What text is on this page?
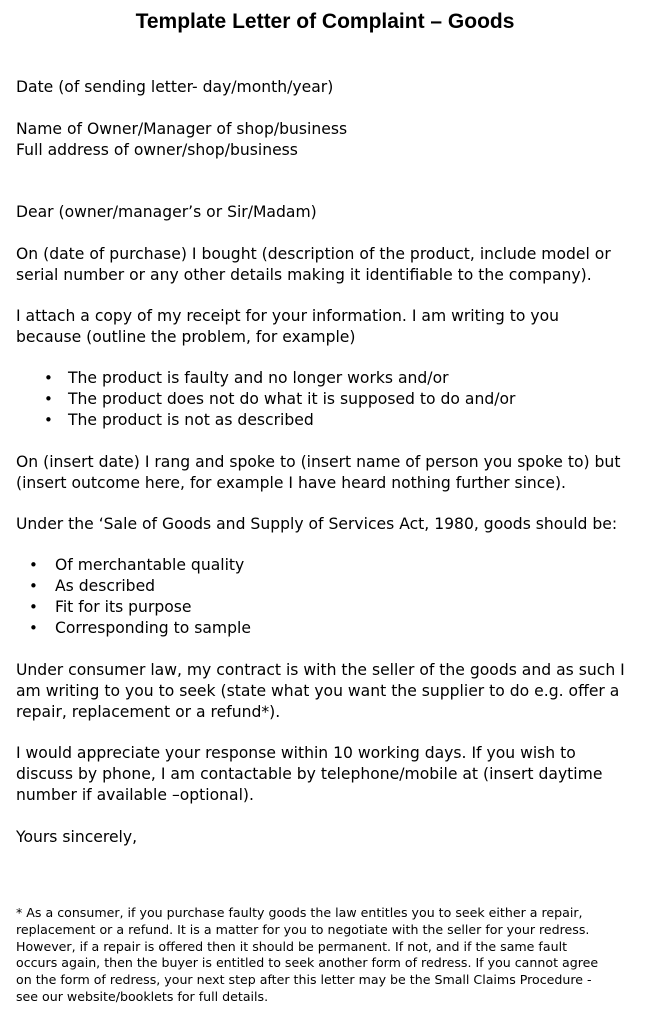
Template Letter of Complaint – Goods

Date (of sending letter- day/month/year)

Name of Owner/Manager of shop/business
Full address of owner/shop/business

Dear (owner/manager’s or Sir/Madam)

On (date of purchase) I bought (description of the product, include model or
serial number or any other details making it identifiable to the company).

I attach a copy of my receipt for your information. I am writing to you
because (outline the problem, for example)

• The product is faulty and no longer works and/or
• The product does not do what it is supposed to do and/or
• The product is not as described

On (insert date) I rang and spoke to (insert name of person you spoke to) but
(insert outcome here, for example I have heard nothing further since).

Under the ‘Sale of Goods and Supply of Services Act, 1980, goods should be:

• Of merchantable quality
• As described
• Fit for its purpose
• Corresponding to sample

Under consumer law, my contract is with the seller of the goods and as such I
am writing to you to seek (state what you want the supplier to do e.g. offer a
repair, replacement or a refund*).

I would appreciate your response within 10 working days. If you wish to
discuss by phone, I am contactable by telephone/mobile at (insert daytime
number if available –optional).

Yours sincerely,

* As a consumer, if you purchase faulty goods the law entitles you to seek either a repair,
replacement or a refund. It is a matter for you to negotiate with the seller for your redress.
However, if a repair is offered then it should be permanent. If not, and if the same fault
occurs again, then the buyer is entitled to seek another form of redress. If you cannot agree
on the form of redress, your next step after this letter may be the Small Claims Procedure -
see our website/booklets for full details.
